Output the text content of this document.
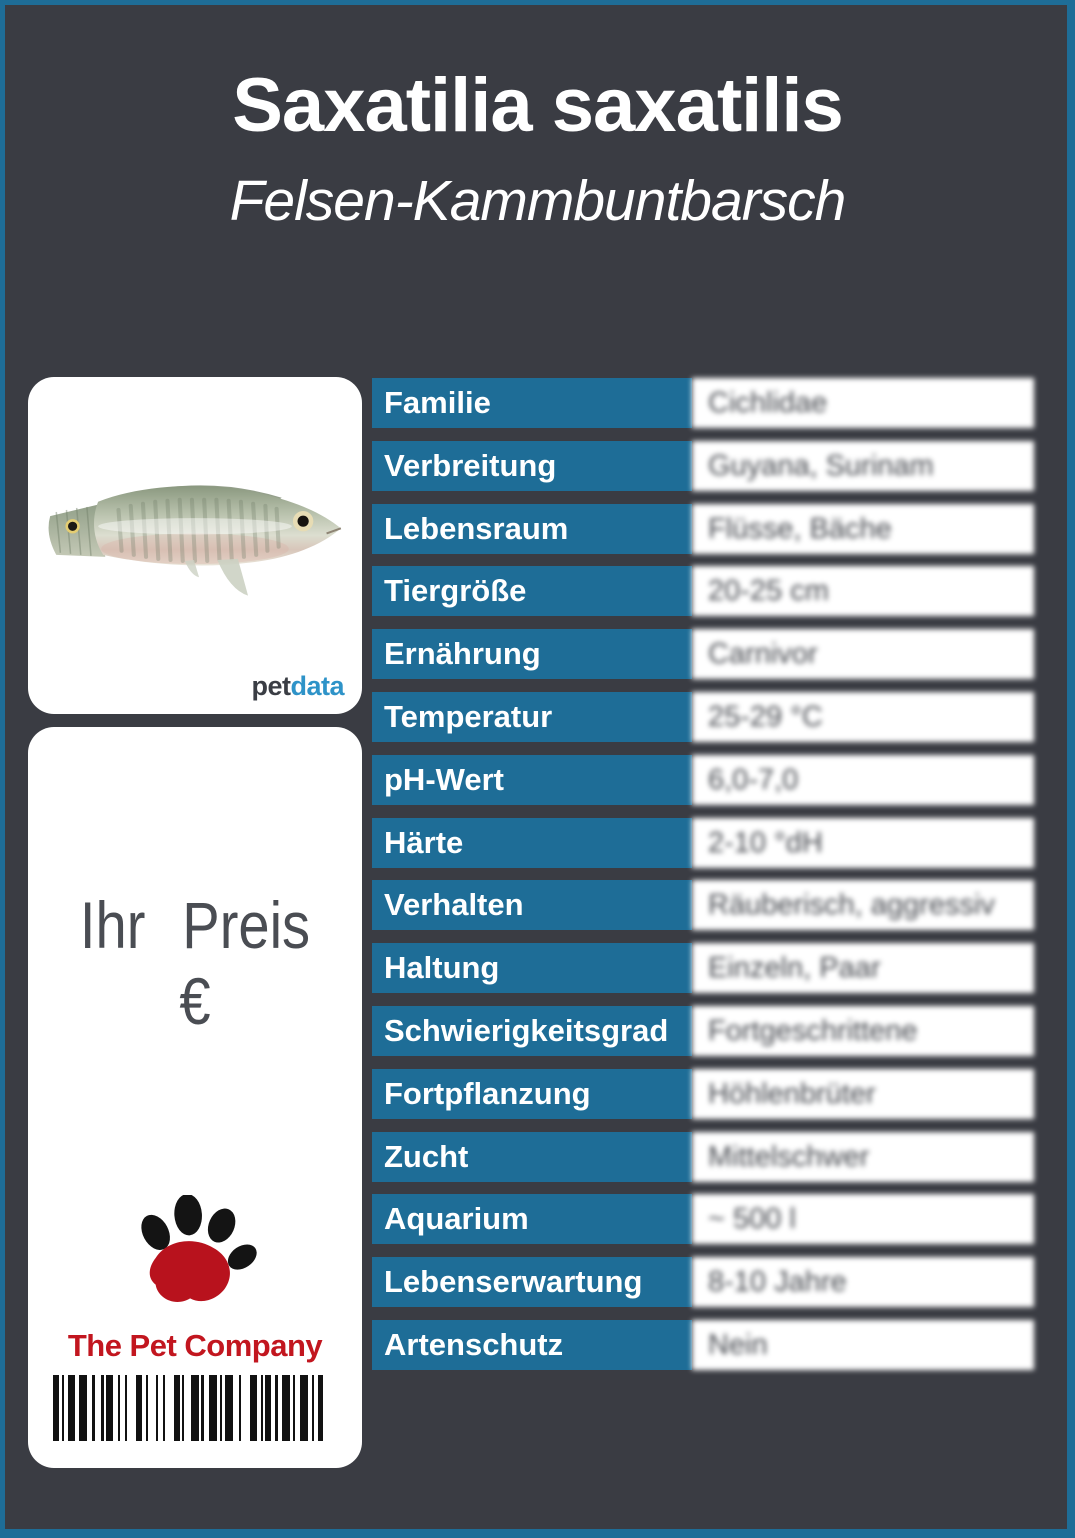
Saxatilia saxatilis
Felsen-Kammbuntbarsch
petdata
Ihr Preis €
The Pet Company
Familie	Cichlidae
Verbreitung	Guyana, Surinam
Lebensraum	Flüsse, Bäche
Tiergröße	20-25 cm
Ernährung	Carnivor
Temperatur	25-29 °C
pH-Wert	6,0-7,0
Härte	2-10 °dH
Verhalten	Räuberisch, aggressiv
Haltung	Einzeln, Paar
Schwierigkeitsgrad	Fortgeschrittene
Fortpflanzung	Höhlenbrüter
Zucht	Mittelschwer
Aquarium	~ 500 l
Lebenserwartung	8-10 Jahre
Artenschutz	Nein
